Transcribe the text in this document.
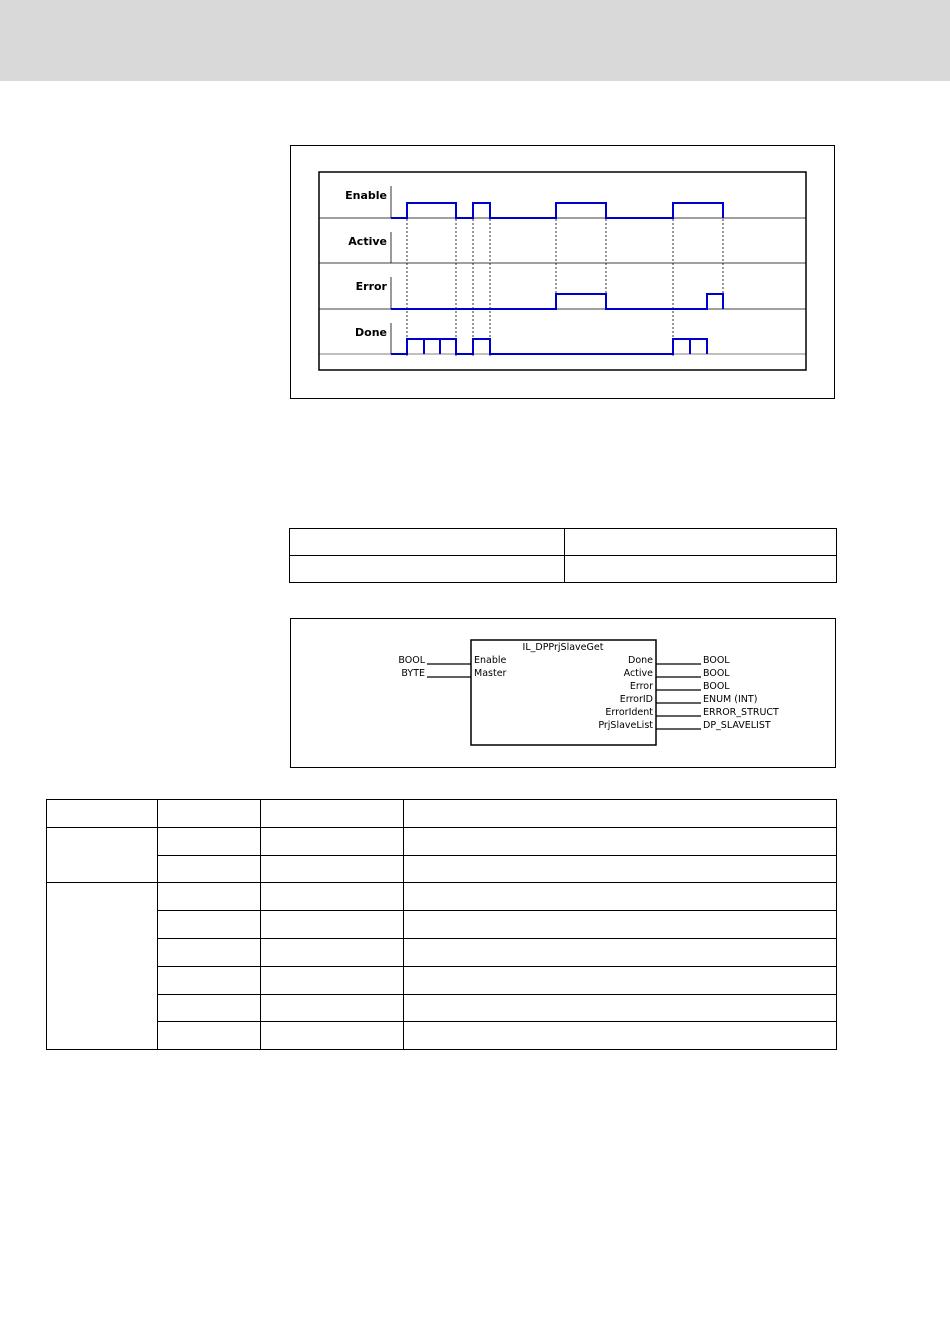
Enable
Active
Error
Done

IL_DPPrjSlaveGet
BOOL
BYTE
Enable
Master
Done
Active
Error
ErrorID
ErrorIdent
PrjSlaveList
BOOL
BOOL
BOOL
ENUM (INT)
ERROR_STRUCT
DP_SLAVELIST
